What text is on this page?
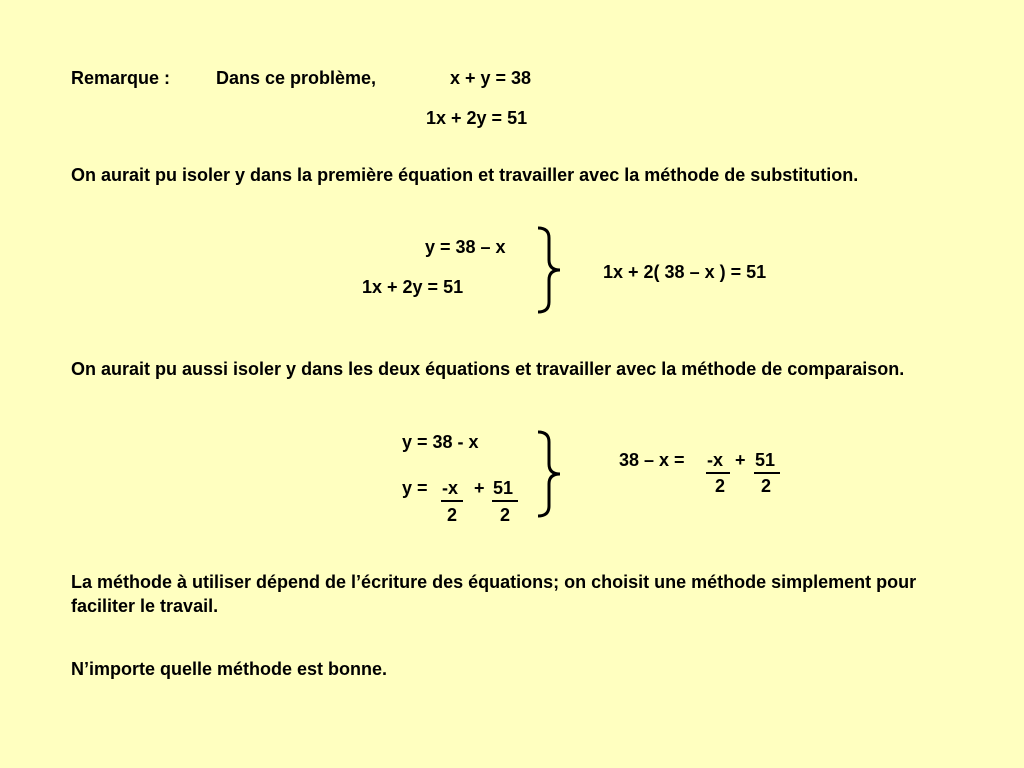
Remarque :	Dans ce problème,	x + y = 38
1x + 2y = 51
On aurait pu isoler y dans la première équation et travailler avec la méthode de substitution.
y = 38 – x
1x + 2y = 51
1x + 2( 38 – x ) = 51
On aurait pu aussi isoler y dans les deux équations et travailler avec la méthode de comparaison.
y = 38 - x
y = -x
2
+ 51
2
38 – x = -x
2
+ 51
2
La méthode à utiliser dépend de l’écriture des équations; on choisit une méthode simplement pour faciliter le travail.
N’importe quelle méthode est bonne.
